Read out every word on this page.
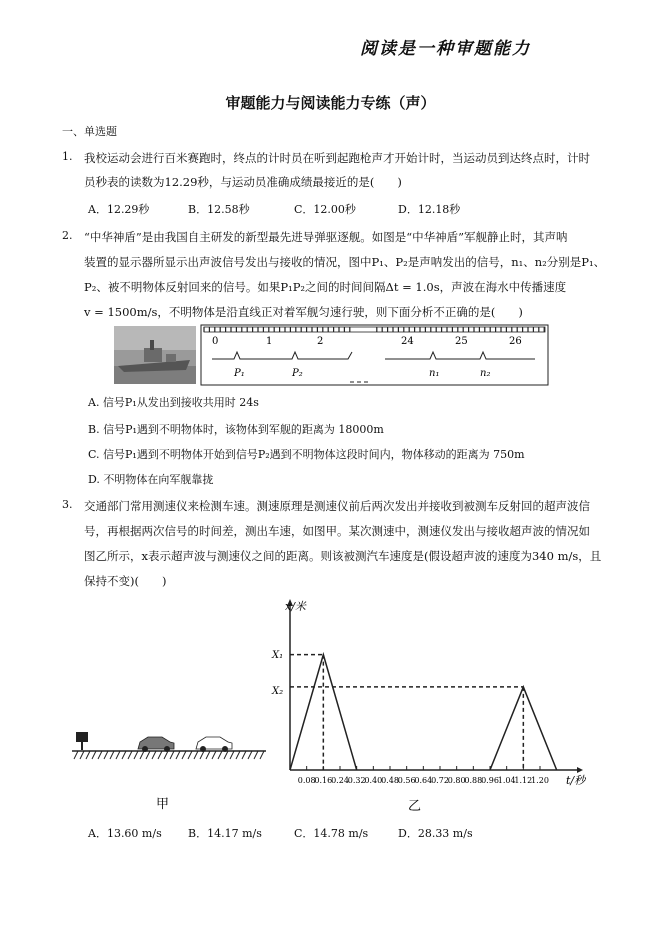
阅读是一种审题能力
审题能力与阅读能力专练（声）
一、单选题
1. 我校运动会进行百米赛跑时，终点的计时员在听到起跑枪声才开始计时，当运动员到达终点时，计时
员秒表的读数为12.29秒，与运动员准确成绩最接近的是(　　)
A．12.29秒	B．12.58秒	C．12.00秒	D．12.18秒
2. “中华神盾”是由我国自主研发的新型最先进导弹驱逐舰。如图是“中华神盾”军舰静止时，其声呐
装置的显示器所显示出声波信号发出与接收的情况，图中P₁、P₂是声呐发出的信号，n₁、n₂分别是P₁、
P₂、被不明物体反射回来的信号。如果P₁P₂之间的时间间隔Δt = 1.0s，声波在海水中传播速度
v = 1500m/s，不明物体是沿直线正对着军舰匀速行驶，则下面分析不正确的是(　　)
0	1	2	24	25	26
P₁	P₂	n₁	n₂
A. 信号P₁从发出到接收共用时 24s
B. 信号P₁遇到不明物体时，该物体到军舰的距离为 18000m
C. 信号P₁遇到不明物体开始到信号P₂遇到不明物体这段时间内，物体移动的距离为 750m
D. 不明物体在向军舰靠拢
3. 交通部门常用测速仪来检测车速。测速原理是测速仪前后两次发出并接收到被测车反射回的超声波信
号，再根据两次信号的时间差，测出车速，如图甲。某次测速中，测速仪发出与接收超声波的情况如
图乙所示，x表示超声波与测速仪之间的距离。则该被测汽车速度是(假设超声波的速度为340 m/s，且
保持不变)(　　)
甲
0.08
0.16
0.24
0.32
0.40
0.48
0.56
0.64
0.72
0.80
0.88
0.96
1.04
1.12
1.20
x/米
t/秒
X₁
X₂
乙
A．13.60 m/s B．14.17 m/s	C．14.78 m/s	D．28.33 m/s
